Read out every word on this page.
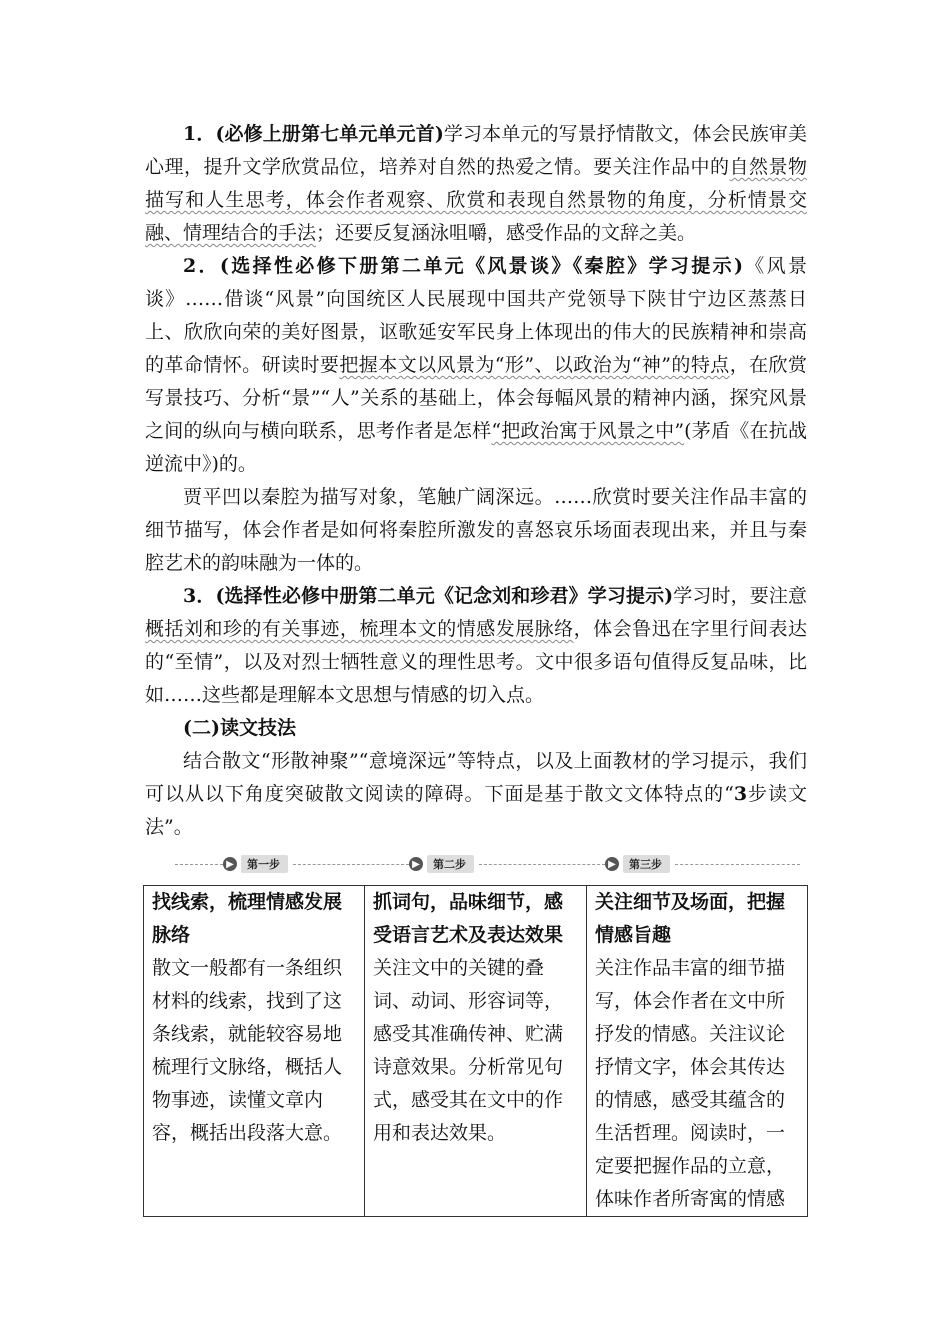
1．(必修上册第七单元单元首)学习本单元的写景抒情散文，体会民族审美心理，提升文学欣赏品位，培养对自然的热爱之情。要关注作品中的自然景物描写和人生思考，体会作者观察、欣赏和表现自然景物的角度，分析情景交融、情理结合的手法；还要反复涵泳咀嚼，感受作品的文辞之美。

2．(选择性必修下册第二单元《风景谈》《秦腔》学习提示)《风景谈》……借谈“风景”向国统区人民展现中国共产党领导下陕甘宁边区蒸蒸日上、欣欣向荣的美好图景，讴歌延安军民身上体现出的伟大的民族精神和崇高的革命情怀。研读时要把握本文以风景为“形”、以政治为“神”的特点，在欣赏写景技巧、分析“景”“人”关系的基础上，体会每幅风景的精神内涵，探究风景之间的纵向与横向联系，思考作者是怎样“把政治寓于风景之中”(茅盾《在抗战逆流中》)的。

贾平凹以秦腔为描写对象，笔触广阔深远。……欣赏时要关注作品丰富的细节描写，体会作者是如何将秦腔所激发的喜怒哀乐场面表现出来，并且与秦腔艺术的韵味融为一体的。

3．(选择性必修中册第二单元《记念刘和珍君》学习提示)学习时，要注意概括刘和珍的有关事迹，梳理本文的情感发展脉络，体会鲁迅在字里行间表达的“至情”，以及对烈士牺牲意义的理性思考。文中很多语句值得反复品味，比如……这些都是理解本文思想与情感的切入点。

(二)读文技法

结合散文“形散神聚”“意境深远”等特点，以及上面教材的学习提示，我们可以从以下角度突破散文阅读的障碍。下面是基于散文文体特点的“3步读文法”。

▶	第一步	▶	第二步	▶	第三步
找线索，梳理情感发展脉络
散文一般都有一条组织材料的线索，找到了这条线索，就能较容易地梳理行文脉络，概括人物事迹，读懂文章内容，概括出段落大意。

抓词句，品味细节，感受语言艺术及表达效果
关注文中的关键的叠词、动词、形容词等，感受其准确传神、贮满诗意效果。分析常见句式，感受其在文中的作用和表达效果。

关注细节及场面，把握情感旨趣
关注作品丰富的细节描写，体会作者在文中所抒发的情感。关注议论抒情文字，体会其传达的情感，感受其蕴含的生活哲理。阅读时，一定要把握作品的立意，体味作者所寄寓的情感
